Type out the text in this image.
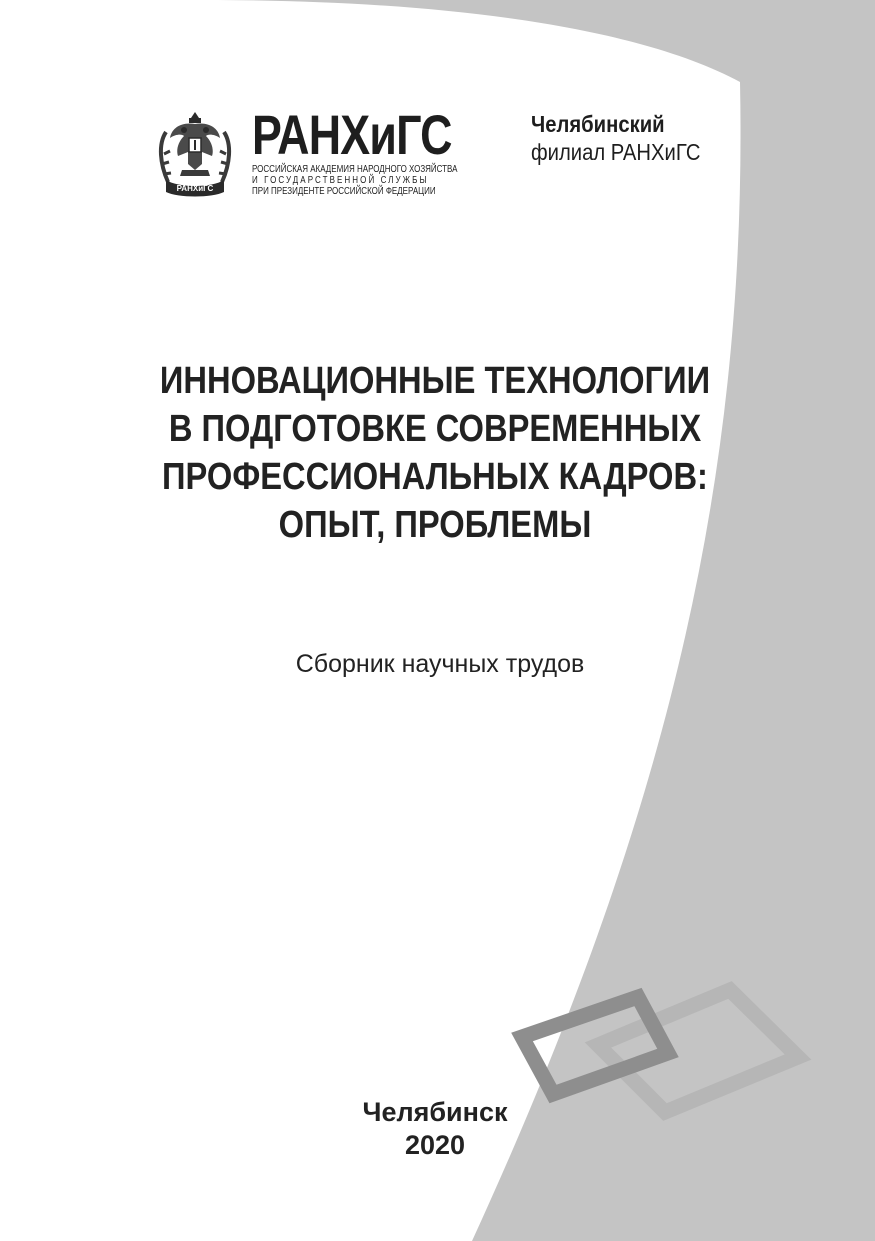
РАНХиГС
РАНХиГС
РОССИЙСКАЯ АКАДЕМИЯ НАРОДНОГО ХОЗЯЙСТВА
И ГОСУДАРСТВЕННОЙ СЛУЖБЫ
ПРИ ПРЕЗИДЕНТЕ РОССИЙСКОЙ ФЕДЕРАЦИИ
Челябинский
филиал РАНХиГС
ИННОВАЦИОННЫЕ ТЕХНОЛОГИИ
В ПОДГОТОВКЕ СОВРЕМЕННЫХ
ПРОФЕССИОНАЛЬНЫХ КАДРОВ:
ОПЫТ, ПРОБЛЕМЫ
Сборник научных трудов
Челябинск
2020
